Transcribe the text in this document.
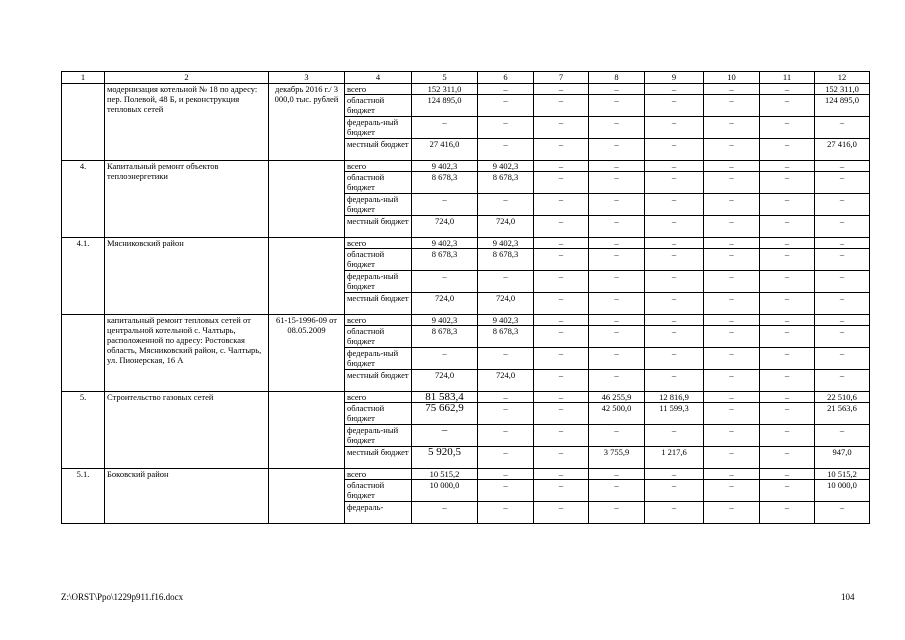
1	2	3	4	5	6	7	8	9	10	11	12
	модернизация котельной № 18 по адресу: пер. Полевой, 48 Б, и реконструкция тепловых сетей	декабрь 2016 г./ 3 000,0 тыс. рублей	всего	152 311,0	–	–	–	–	–	–	152 311,0
			областной бюджет	124 895,0	–	–	–	–	–	–	124 895,0
			федераль-ный бюджет	–	–	–	–	–	–	–	–
			местный бюджет	27 416,0	–	–	–	–	–	–	27 416,0
4.	Капитальный ремонт объектов теплоэнергетики		всего	9 402,3	9 402,3	–	–	–	–	–	–
			областной бюджет	8 678,3	8 678,3	–	–	–	–	–	–
			федераль-ный бюджет	–	–	–	–	–	–	–	–
			местный бюджет	724,0	724,0	–	–	–	–	–	–
4.1.	Мясниковский район		всего	9 402,3	9 402,3	–	–	–	–	–	–
			областной бюджет	8 678,3	8 678,3	–	–	–	–	–	–
			федераль-ный бюджет	–	–	–	–	–	–	–	–
			местный бюджет	724,0	724,0	–	–	–	–	–	–
	капитальный ремонт тепловых сетей от центральной котельной с. Чалтырь, расположенной по адресу: Ростовская область, Мясниковский район, с. Чалтырь, ул. Пионерская, 16 А	61-15-1996-09 от 08.05.2009	всего	9 402,3	9 402,3	–	–	–	–	–	–
			областной бюджет	8 678,3	8 678,3	–	–	–	–	–	–
			федераль-ный бюджет	–	–	–	–	–	–	–	–
			местный бюджет	724,0	724,0	–	–	–	–	–	–
5.	Строительство газовых сетей		всего	81 583,4	–	–	46 255,9	12 816,9	–	–	22 510,6
			областной бюджет	75 662,9	–	–	42 500,0	11 599,3	–	–	21 563,6
			федераль-ный бюджет	–	–	–	–	–	–	–	–
			местный бюджет	5 920,5	–	–	3 755,9	1 217,6	–	–	947,0
5.1.	Боковский район		всего	10 515,2	–	–	–	–	–	–	10 515,2
			областной бюджет	10 000,0	–	–	–	–	–	–	10 000,0
			федераль-	–	–	–	–	–	–	–	–
Z:\ORST\Ppo\1229p911.f16.docx	104
